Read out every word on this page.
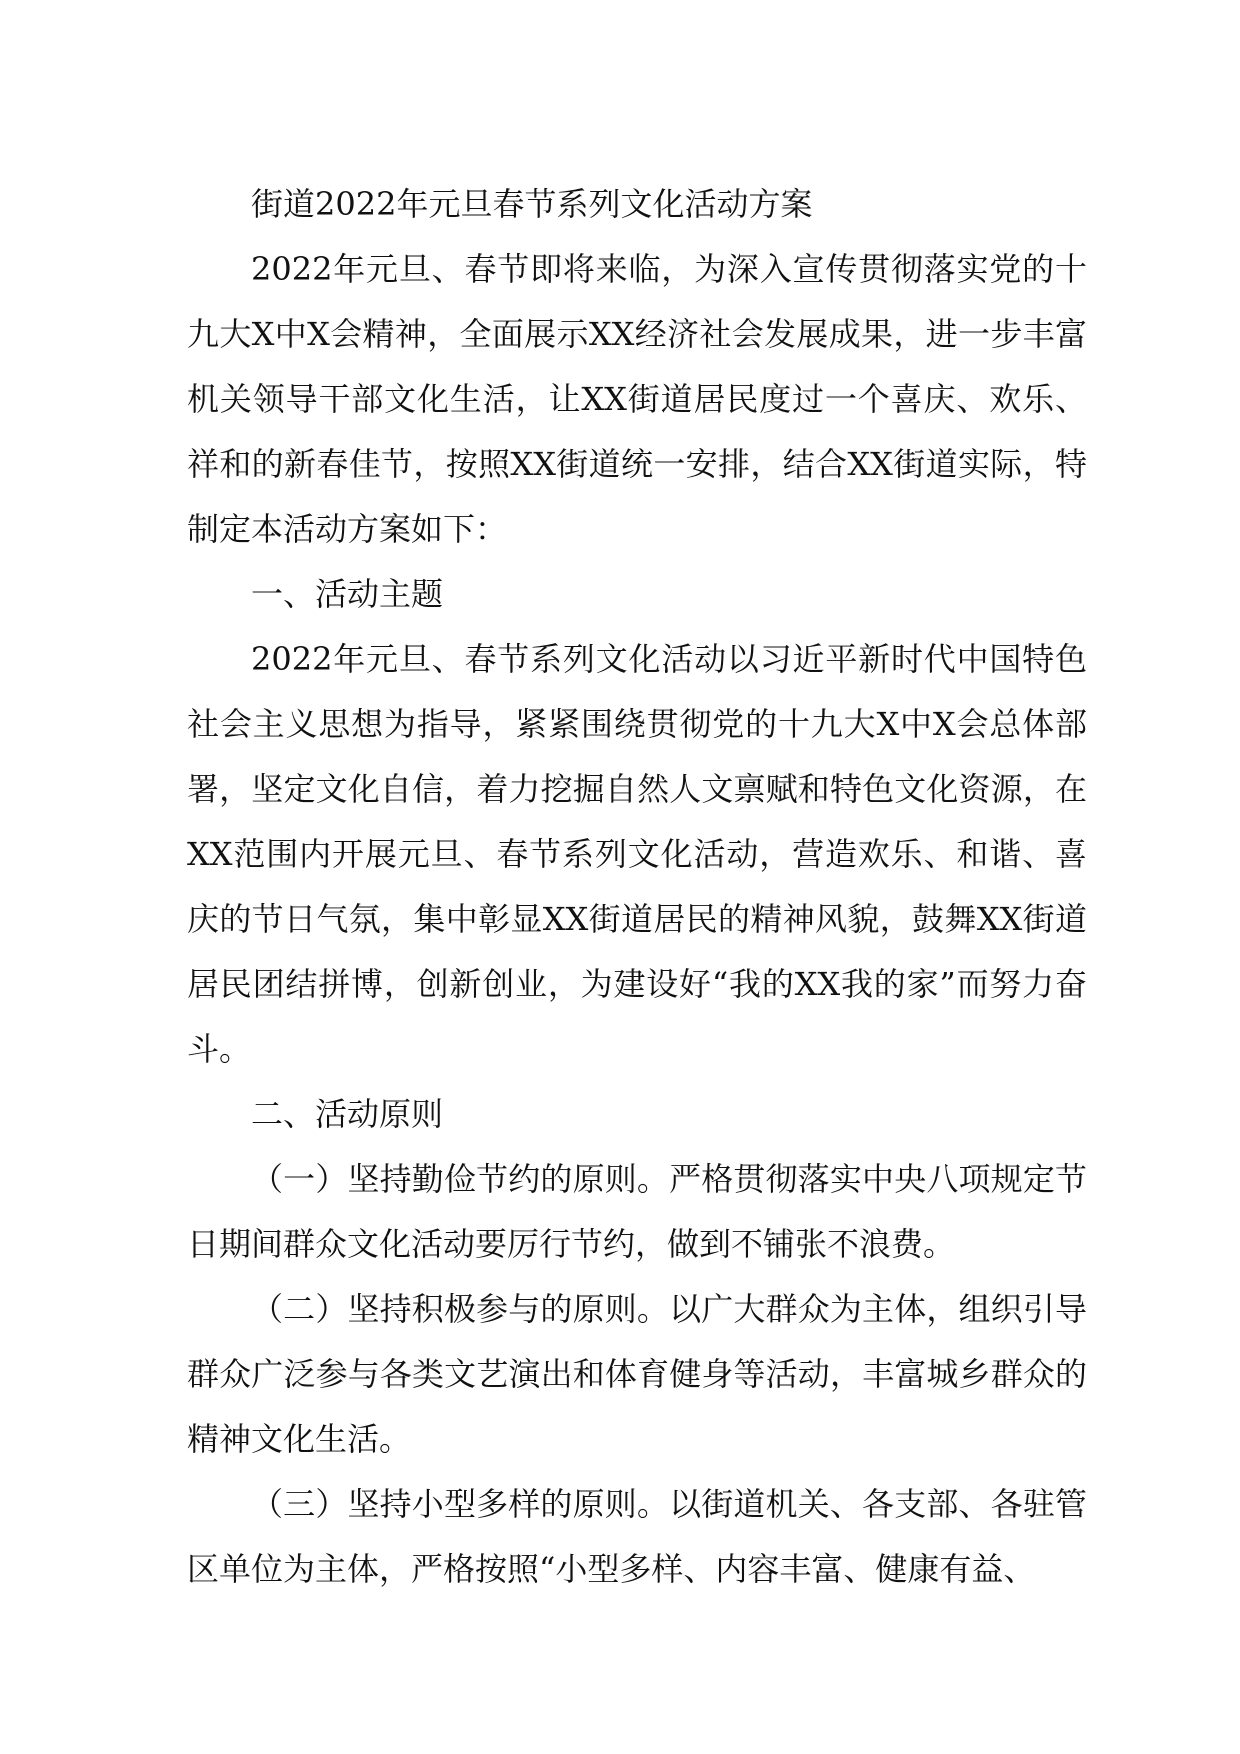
街道2022年元旦春节系列文化活动方案

2022年元旦、春节即将来临，为深入宣传贯彻落实党的十九大X中X会精神，全面展示XX经济社会发展成果，进一步丰富机关领导干部文化生活，让XX街道居民度过一个喜庆、欢乐、祥和的新春佳节，按照XX街道统一安排，结合XX街道实际，特制定本活动方案如下：

一、活动主题

2022年元旦、春节系列文化活动以习近平新时代中国特色社会主义思想为指导，紧紧围绕贯彻党的十九大X中X会总体部署，坚定文化自信，着力挖掘自然人文禀赋和特色文化资源，在XX范围内开展元旦、春节系列文化活动，营造欢乐、和谐、喜庆的节日气氛，集中彰显XX街道居民的精神风貌，鼓舞XX街道居民团结拼博，创新创业，为建设好“我的XX我的家”而努力奋斗。

二、活动原则

（一）坚持勤俭节约的原则。严格贯彻落实中央八项规定节日期间群众文化活动要厉行节约，做到不铺张不浪费。

（二）坚持积极参与的原则。以广大群众为主体，组织引导群众广泛参与各类文艺演出和体育健身等活动，丰富城乡群众的精神文化生活。

（三）坚持小型多样的原则。以街道机关、各支部、各驻管区单位为主体，严格按照“小型多样、内容丰富、健康有益、
